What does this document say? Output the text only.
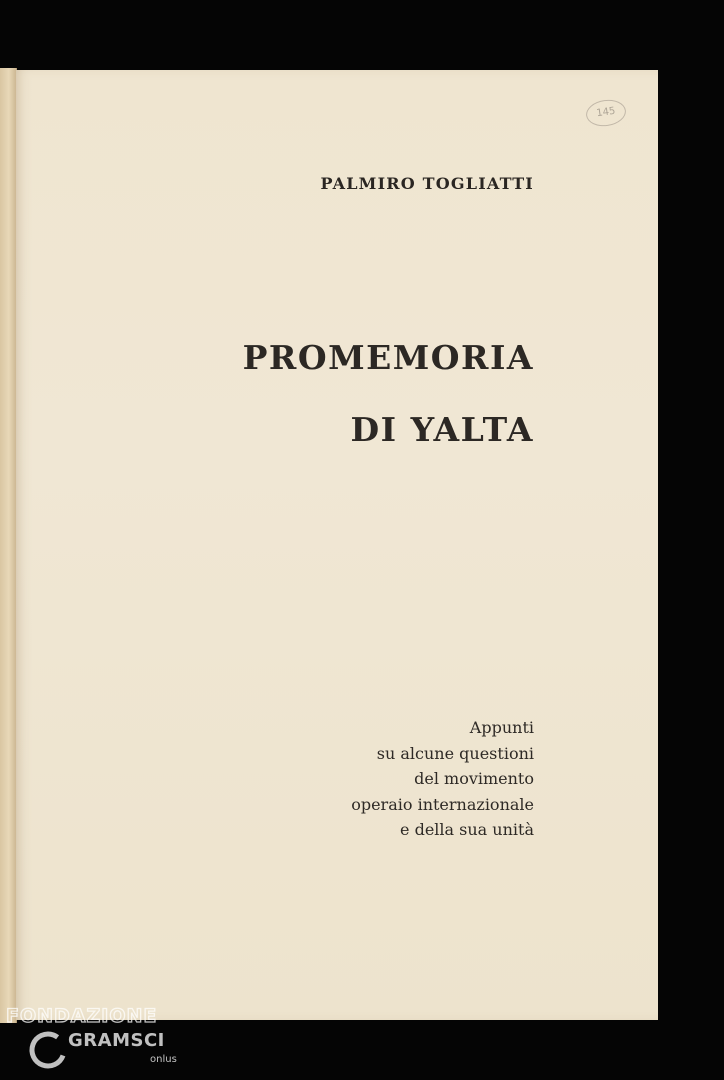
145
PALMIRO TOGLIATTI
PROMEMORIA
DI YALTA
Appunti
su alcune questioni
del movimento
operaio internazionale
e della sua unità
FONDAZIONE
GRAMSCI
onlus
